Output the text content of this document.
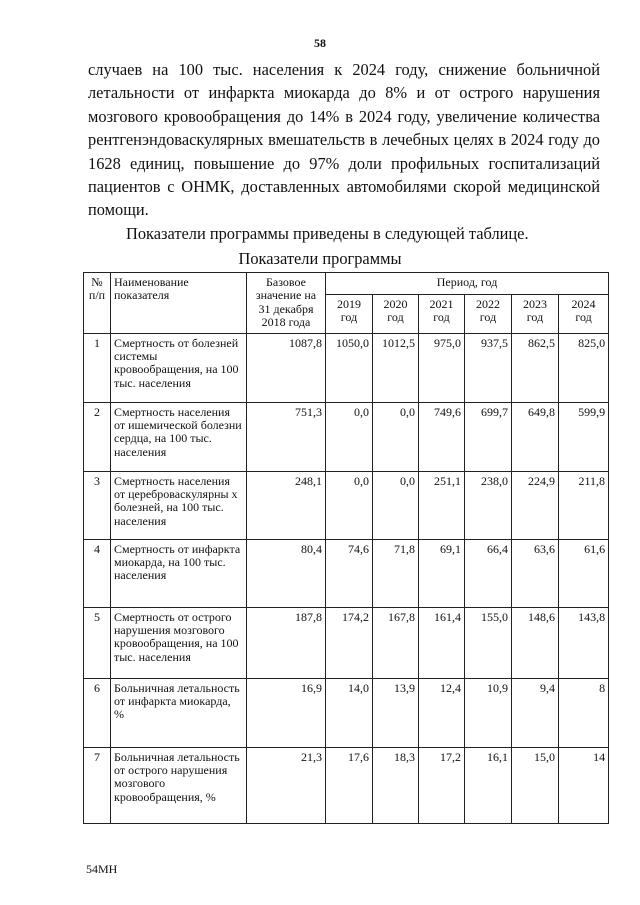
58
случаев на 100 тыс. населения к 2024 году, снижение больничной
летальности от инфаркта миокарда до 8% и от острого нарушения
мозгового кровообращения до 14% в 2024 году, увеличение количества
рентгенэндоваскулярных вмешательств в лечебных целях в 2024 году до
1628 единиц, повышение до 97% доли профильных госпитализаций
пациентов с ОНМК, доставленных автомобилями скорой медицинской
помощи.
Показатели программы приведены в следующей таблице.
Показатели программы
№ п/п	Наименование показателя	Базовое значение на 31 декабря 2018 года	Период, год					
			2019 год	2020 год	2021 год	2022 год	2023 год	2024 год
1	Смертность от болезней системы кровообращения, на 100 тыс. населения	1087,8	1050,0	1012,5	975,0	937,5	862,5	825,0
2	Смертность населения от ишемической болезни сердца, на 100 тыс. населения	751,3	0,0	0,0	749,6	699,7	649,8	599,9
3	Смертность населения от цереброваскулярны х болезней, на 100 тыс. населения	248,1	0,0	0,0	251,1	238,0	224,9	211,8
4	Смертность от инфаркта миокарда, на 100 тыс. населения	80,4	74,6	71,8	69,1	66,4	63,6	61,6
5	Смертность от острого нарушения мозгового кровообращения, на 100 тыс. населения	187,8	174,2	167,8	161,4	155,0	148,6	143,8
6	Больничная летальность от инфаркта миокарда, %	16,9	14,0	13,9	12,4	10,9	9,4	8
7	Больничная летальность от острого нарушения мозгового кровообращения, %	21,3	17,6	18,3	17,2	16,1	15,0	14
54МН
